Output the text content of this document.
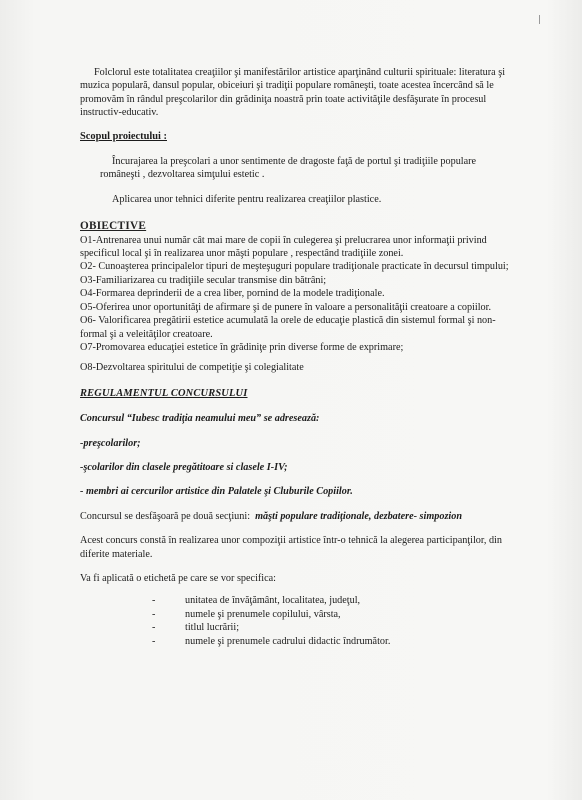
Folclorul este totalitatea creaţiilor şi manifestărilor artistice aparţinând culturii spirituale: literatura şi muzica populară, dansul popular, obiceiuri şi tradiţii populare româneşti, toate acestea încercând să le promovăm în rândul preşcolarilor din grădiniţa noastră prin toate activităţile desfăşurate în procesul instructiv-educativ.

Scopul proiectului :

Încurajarea la preşcolari a unor sentimente de dragoste faţă de portul şi tradiţiile populare româneşti , dezvoltarea simţului estetic .

Aplicarea unor tehnici diferite pentru realizarea creaţiilor plastice.

OBIECTIVE

O1-Antrenarea unui număr cât mai mare de copii în culegerea şi prelucrarea unor informaţii privind specificul local şi în realizarea unor măşti populare , respectând tradiţiile zonei.

O2- Cunoaşterea principalelor tipuri de meşteşuguri populare tradiţionale practicate în decursul timpului;

O3-Familiarizarea cu tradiţiile secular transmise din bătrâni;

O4-Formarea deprinderii de a crea liber, pornind de la modele tradiţionale.

O5-Oferirea unor oportunităţi de afirmare şi de punere în valoare a personalităţii creatoare a copiilor.

O6- Valorificarea pregătirii estetice acumulată la orele de educaţie plastică din sistemul formal şi non-formal şi a veleităţilor creatoare.

O7-Promovarea educaţiei estetice în grădiniţe prin diverse forme de exprimare;

O8-Dezvoltarea spiritului de competiţie şi colegialitate

REGULAMENTUL CONCURSULUI

Concursul “Iubesc tradiţia neamului meu” se adresează:

-preşcolarilor;

-şcolarilor din clasele pregătitoare si clasele I-IV;

- membri ai cercurilor artistice din Palatele şi Cluburile Copiilor.

Concursul se desfăşoară pe două secţiuni: măşti populare tradiţionale, dezbatere- simpozion

Acest concurs constă în realizarea unor compoziţii artistice într-o tehnică la alegerea participanţilor, din diferite materiale.

Va fi aplicată o etichetă pe care se vor specifica:

-	unitatea de învăţământ, localitatea, judeţul,
-	numele şi prenumele copilului, vârsta,
-	titlul lucrării;
-	numele şi prenumele cadrului didactic îndrumător.
